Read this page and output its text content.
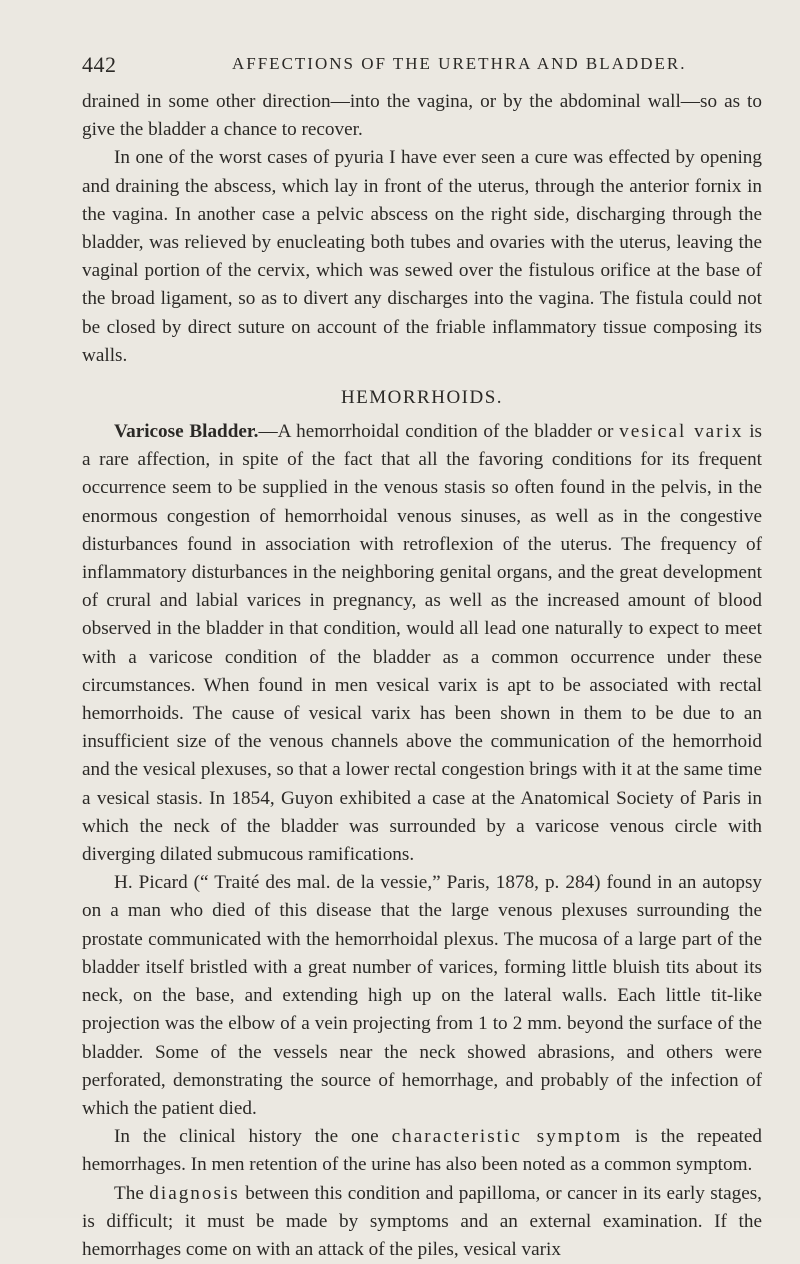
442	AFFECTIONS OF THE URETHRA AND BLADDER.

drained in some other direction—into the vagina, or by the abdominal wall—so as to give the bladder a chance to recover.

In one of the worst cases of pyuria I have ever seen a cure was effected by opening and draining the abscess, which lay in front of the uterus, through the anterior fornix in the vagina. In another case a pelvic abscess on the right side, discharging through the bladder, was relieved by enucleating both tubes and ovaries with the uterus, leaving the vaginal portion of the cervix, which was sewed over the fistulous orifice at the base of the broad ligament, so as to divert any discharges into the vagina. The fistula could not be closed by direct suture on account of the friable inflammatory tissue composing its walls.

HEMORRHOIDS.

Varicose Bladder.—A hemorrhoidal condition of the bladder or vesical varix is a rare affection, in spite of the fact that all the favoring conditions for its frequent occurrence seem to be supplied in the venous stasis so often found in the pelvis, in the enormous congestion of hemorrhoidal venous sinuses, as well as in the congestive disturbances found in association with retroflexion of the uterus. The frequency of inflammatory disturbances in the neighboring genital organs, and the great development of crural and labial varices in pregnancy, as well as the increased amount of blood observed in the bladder in that condition, would all lead one naturally to expect to meet with a varicose condition of the bladder as a common occurrence under these circumstances. When found in men vesical varix is apt to be associated with rectal hemorrhoids. The cause of vesical varix has been shown in them to be due to an insufficient size of the venous channels above the communication of the hemorrhoid and the vesical plexuses, so that a lower rectal congestion brings with it at the same time a vesical stasis. In 1854, Guyon exhibited a case at the Anatomical Society of Paris in which the neck of the bladder was surrounded by a varicose venous circle with diverging dilated submucous ramifications.

H. Picard (“ Traité des mal. de la vessie,” Paris, 1878, p. 284) found in an autopsy on a man who died of this disease that the large venous plexuses surrounding the prostate communicated with the hemorrhoidal plexus. The mucosa of a large part of the bladder itself bristled with a great number of varices, forming little bluish tits about its neck, on the base, and extending high up on the lateral walls. Each little tit-like projection was the elbow of a vein projecting from 1 to 2 mm. beyond the surface of the bladder. Some of the vessels near the neck showed abrasions, and others were perforated, demonstrating the source of hemorrhage, and probably of the infection of which the patient died.

In the clinical history the one characteristic symptom is the repeated hemorrhages. In men retention of the urine has also been noted as a common symptom.

The diagnosis between this condition and papilloma, or cancer in its early stages, is difficult; it must be made by symptoms and an external examination. If the hemorrhages come on with an attack of the piles, vesical varix
